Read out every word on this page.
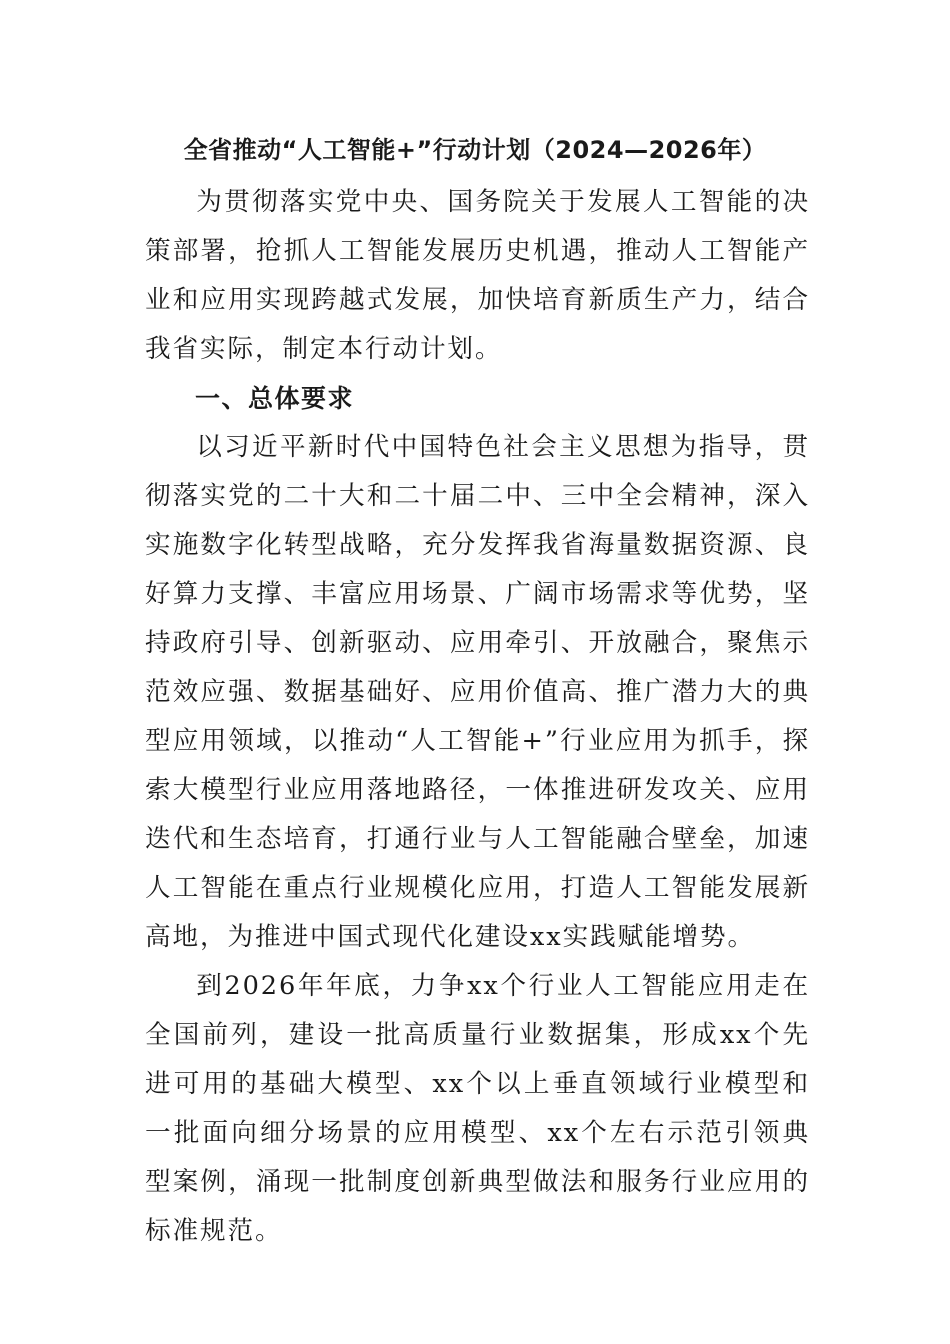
全省推动“人工智能+”行动计划（2024—2026年）

为贯彻落实党中央、国务院关于发展人工智能的决策部署，抢抓人工智能发展历史机遇，推动人工智能产业和应用实现跨越式发展，加快培育新质生产力，结合我省实际，制定本行动计划。

一、总体要求

以习近平新时代中国特色社会主义思想为指导，贯彻落实党的二十大和二十届二中、三中全会精神，深入实施数字化转型战略，充分发挥我省海量数据资源、良好算力支撑、丰富应用场景、广阔市场需求等优势，坚持政府引导、创新驱动、应用牵引、开放融合，聚焦示范效应强、数据基础好、应用价值高、推广潜力大的典型应用领域，以推动“人工智能+”行业应用为抓手，探索大模型行业应用落地路径，一体推进研发攻关、应用迭代和生态培育，打通行业与人工智能融合壁垒，加速人工智能在重点行业规模化应用，打造人工智能发展新高地，为推进中国式现代化建设xx实践赋能增势。

到2026年年底，力争xx个行业人工智能应用走在全国前列，建设一批高质量行业数据集，形成xx个先进可用的基础大模型、xx个以上垂直领域行业模型和一批面向细分场景的应用模型、xx个左右示范引领典型案例，涌现一批制度创新典型做法和服务行业应用的标准规范。
